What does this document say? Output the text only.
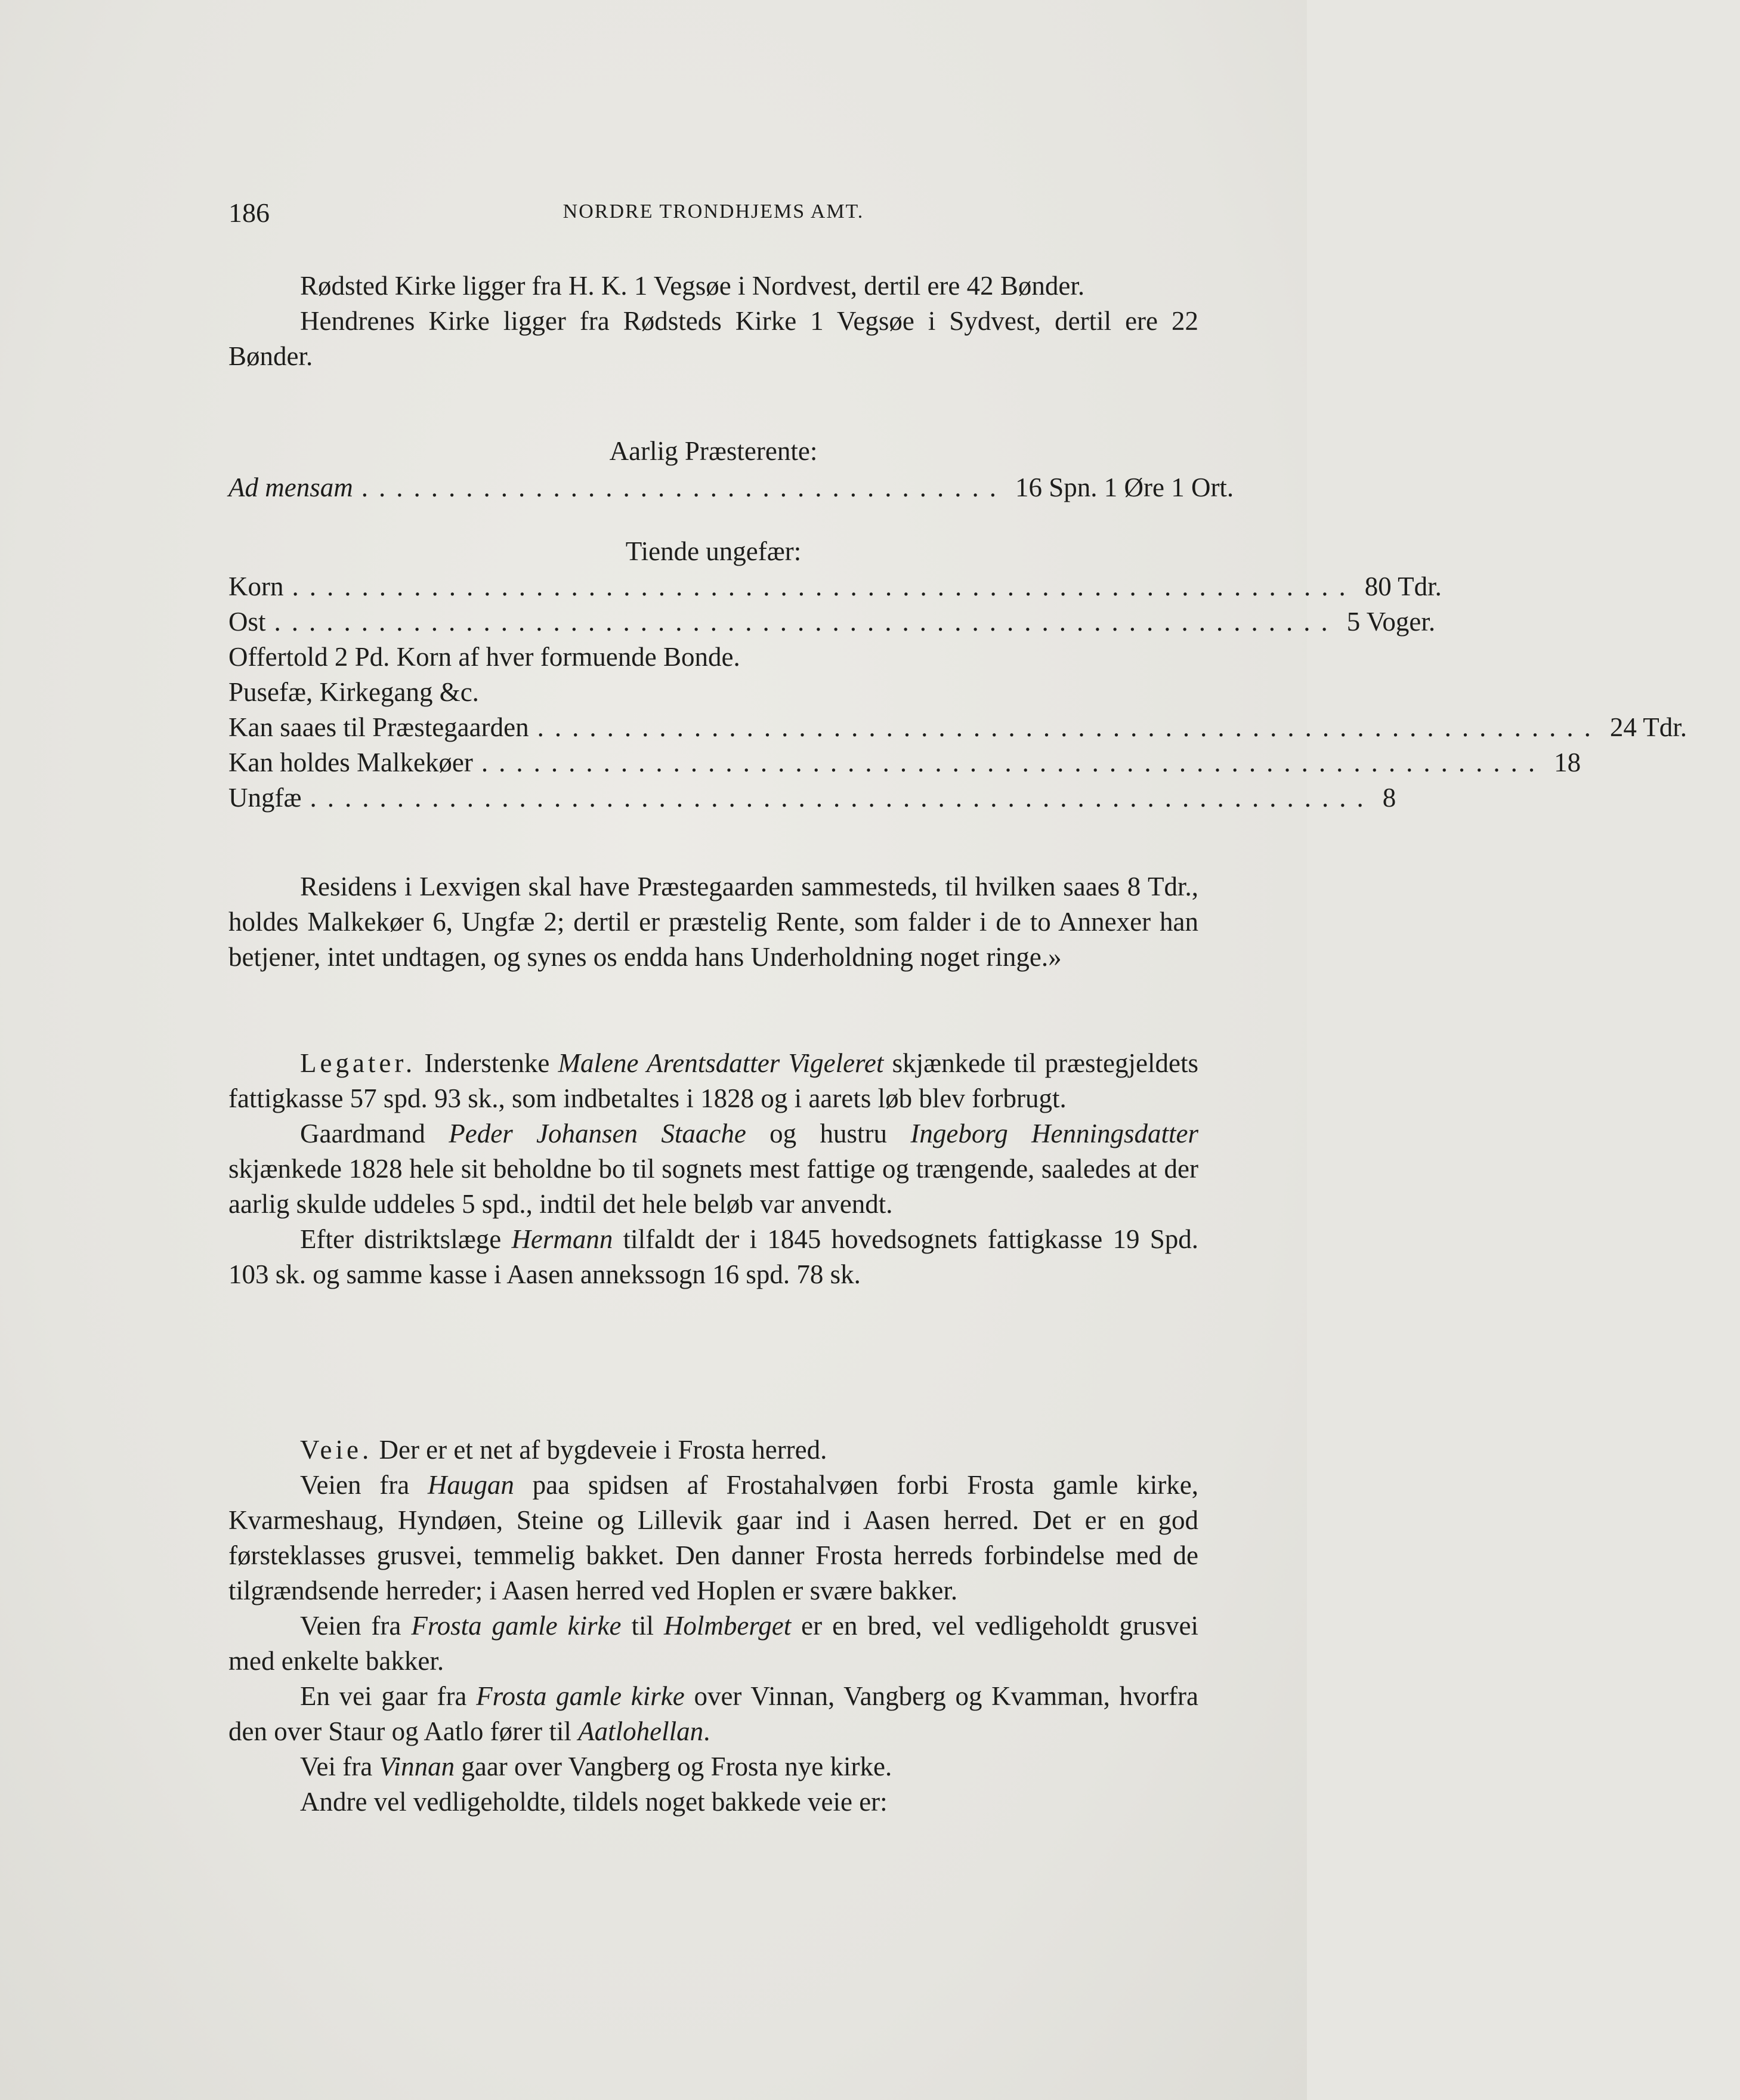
186	NORDRE TRONDHJEMS AMT.

Rødsted Kirke ligger fra H. K. 1 Vegsøe i Nordvest, dertil ere 42 Bønder.

Hendrenes Kirke ligger fra Rødsteds Kirke 1 Vegsøe i Sydvest, dertil ere 22 Bønder.

Aarlig Præsterente:

Ad mensam ..................................... 16 Spn. 1 Øre 1 Ort.

Tiende ungefær:

Korn ............................................................. 80 Tdr.
Ost ............................................................. 5 Voger.

Offertold 2 Pd. Korn af hver formuende Bonde.

Pusefæ, Kirkegang &c.

Kan saaes til Præstegaarden ............................................................. 24 Tdr.
Kan holdes Malkekøer ............................................................. 18
Ungfæ ............................................................. 8

Residens i Lexvigen skal have Præstegaarden sammesteds, til hvilken saaes 8 Tdr., holdes Malkekøer 6, Ungfæ 2; dertil er præstelig Rente, som falder i de to Annexer han betjener, intet undtagen, og synes os endda hans Underholdning noget ringe.»

Legater. Inderstenke Malene Arentsdatter Vigeleret skjænkede til præstegjeldets fattigkasse 57 spd. 93 sk., som indbetaltes i 1828 og i aarets løb blev forbrugt.

Gaardmand Peder Johansen Staache og hustru Ingeborg Henningsdatter skjænkede 1828 hele sit beholdne bo til sognets mest fattige og trængende, saaledes at der aarlig skulde uddeles 5 spd., indtil det hele beløb var anvendt.

Efter distriktslæge Hermann tilfaldt der i 1845 hovedsognets fattigkasse 19 Spd. 103 sk. og samme kasse i Aasen annekssogn 16 spd. 78 sk.

Veie. Der er et net af bygdeveie i Frosta herred.

Veien fra Haugan paa spidsen af Frostahalvøen forbi Frosta gamle kirke, Kvarmeshaug, Hyndøen, Steine og Lillevik gaar ind i Aasen herred. Det er en god førsteklasses grusvei, temmelig bakket. Den danner Frosta herreds forbindelse med de tilgrændsende herreder; i Aasen herred ved Hoplen er svære bakker.

Veien fra Frosta gamle kirke til Holmberget er en bred, vel vedligeholdt grusvei med enkelte bakker.

En vei gaar fra Frosta gamle kirke over Vinnan, Vangberg og Kvamman, hvorfra den over Staur og Aatlo fører til Aatlohellan.

Vei fra Vinnan gaar over Vangberg og Frosta nye kirke.

Andre vel vedligeholdte, tildels noget bakkede veie er:
